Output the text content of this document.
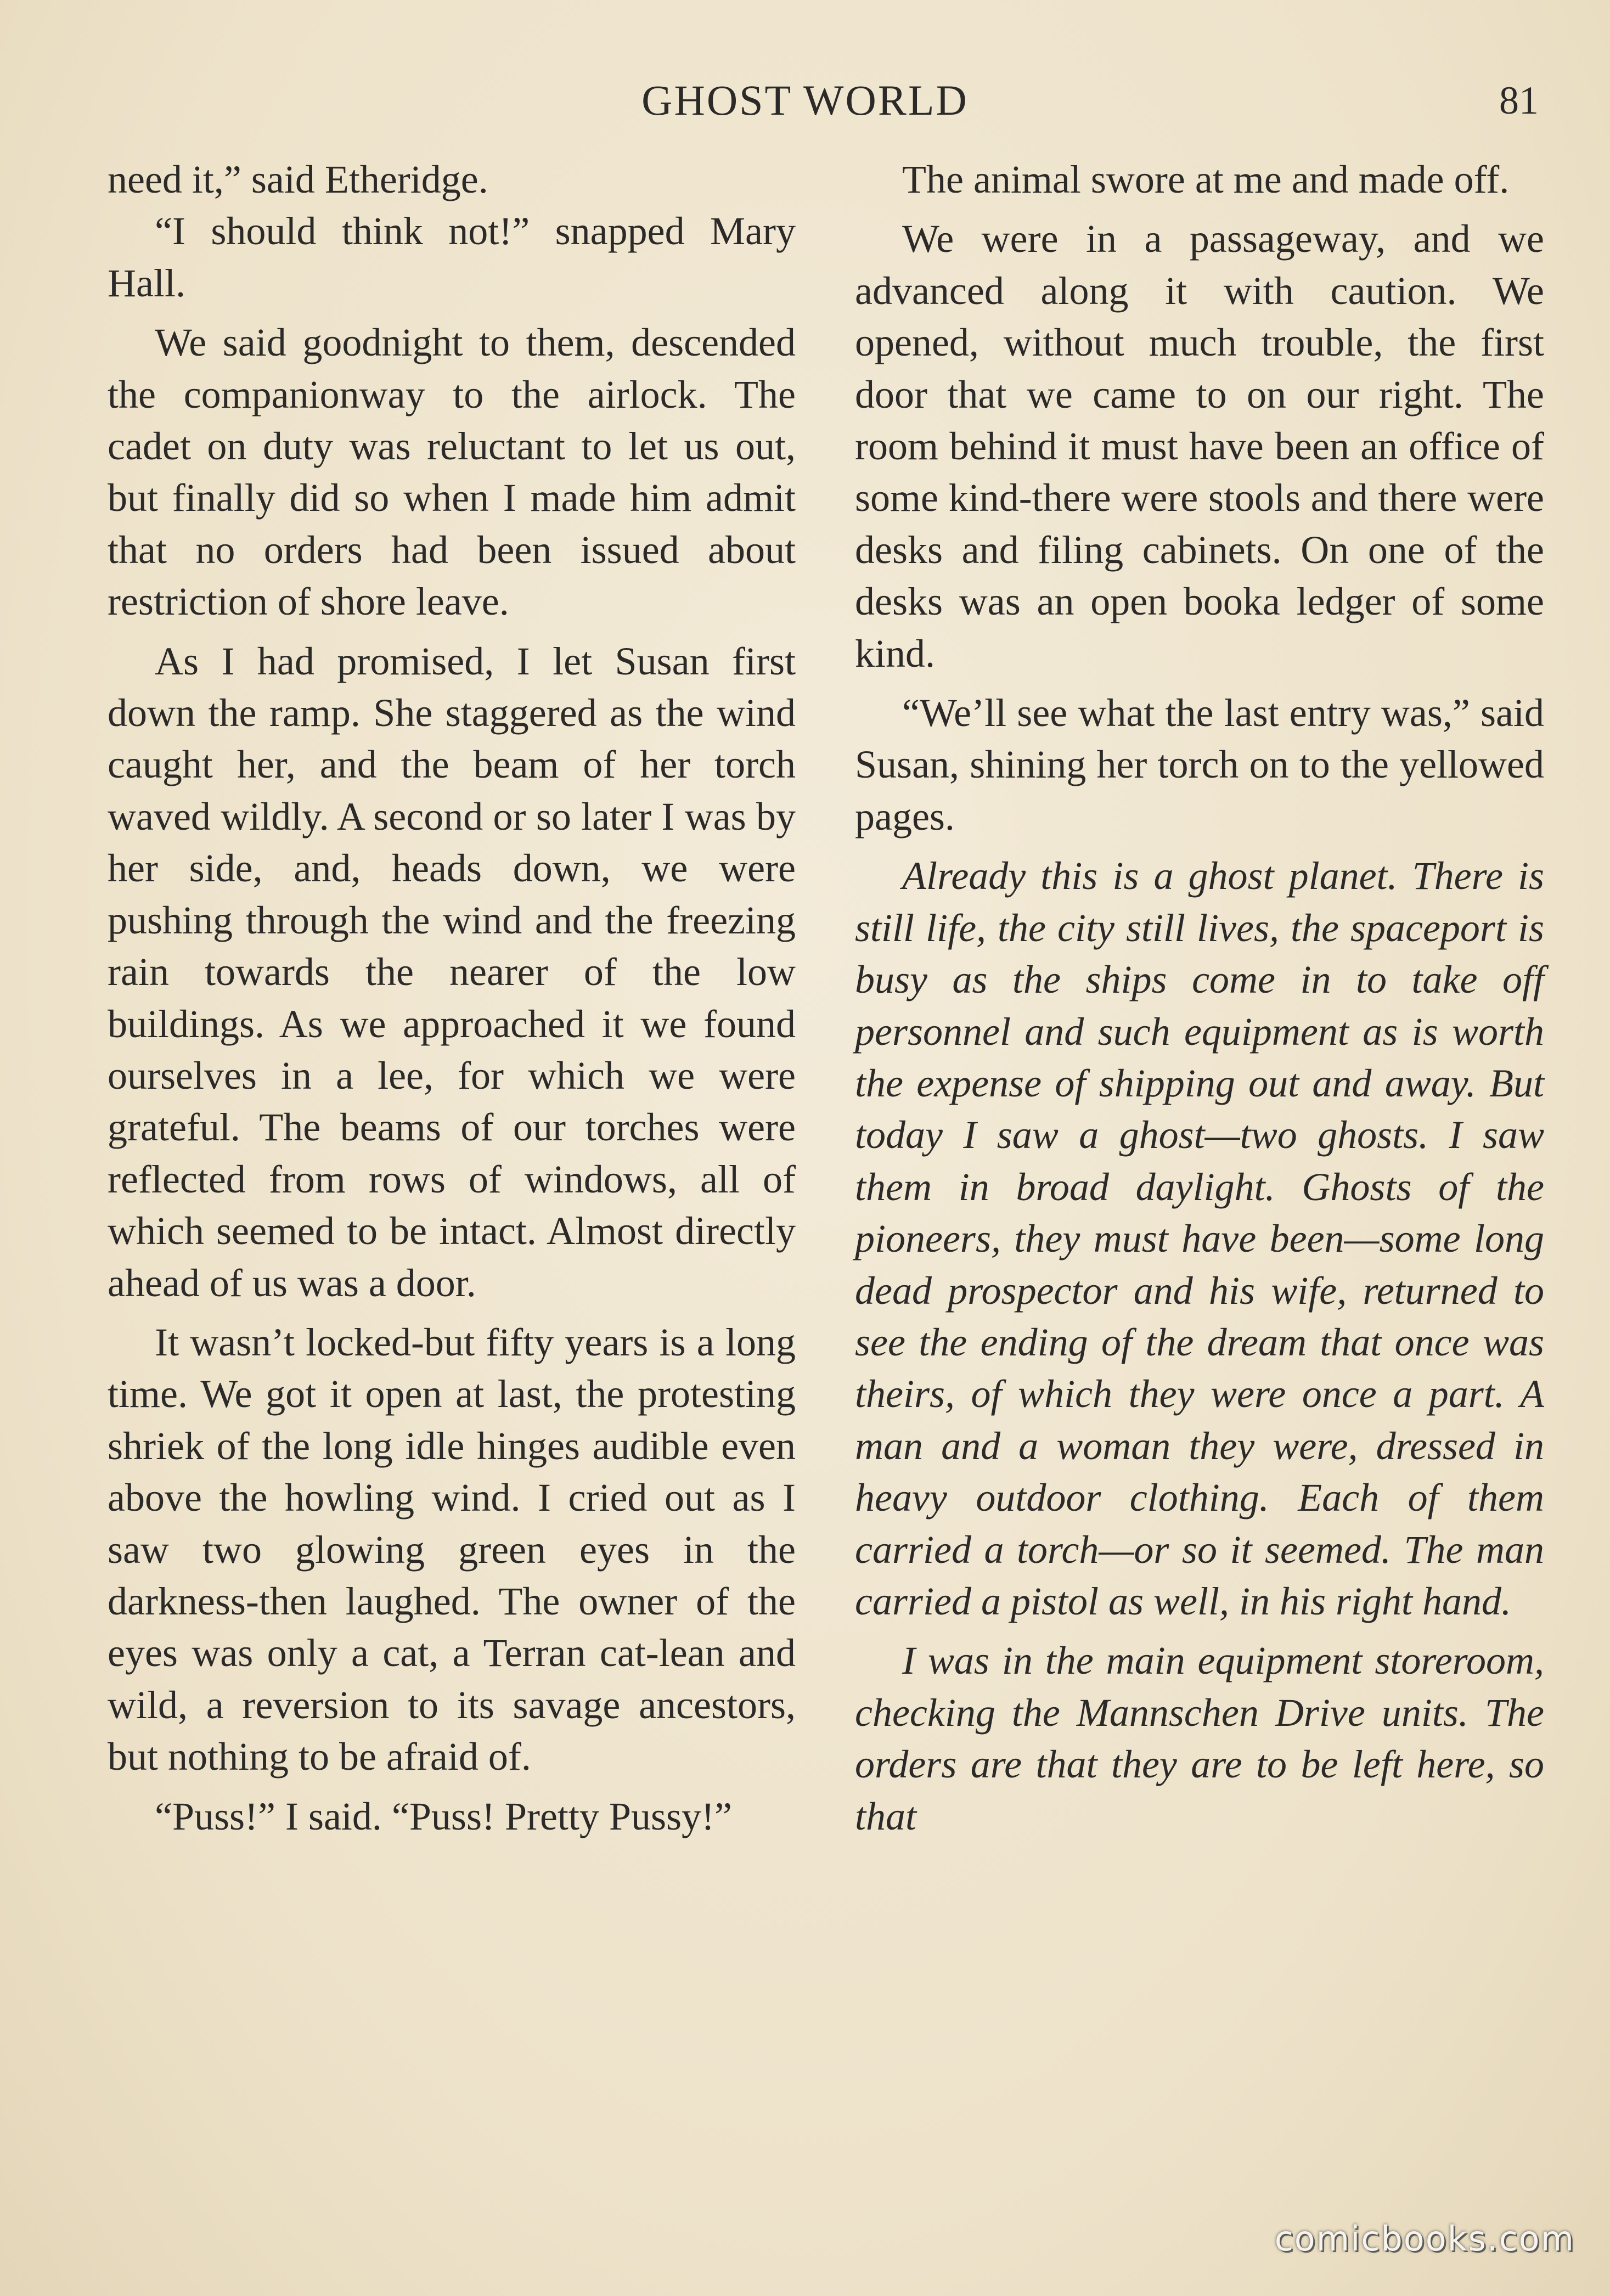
GHOST WORLD	81

need it,” said Etheridge.

“I should think not!” snapped Mary Hall.

We said goodnight to them, descended the companionway to the airlock. The cadet on duty was reluctant to let us out, but finally did so when I made him admit that no orders had been issued about restriction of shore leave.

As I had promised, I let Susan first down the ramp. She staggered as the wind caught her, and the beam of her torch waved wildly. A second or so later I was by her side, and, heads down, we were pushing through the wind and the freezing rain towards the nearer of the low buildings. As we approached it we found ourselves in a lee, for which we were grateful. The beams of our torches were reflected from rows of windows, all of which seemed to be intact. Almost directly ahead of us was a door.

It wasn’t locked-but fifty years is a long time. We got it open at last, the protesting shriek of the long idle hinges audible even above the howling wind. I cried out as I saw two glowing green eyes in the darkness-then laughed. The owner of the eyes was only a cat, a Terran cat-lean and wild, a reversion to its savage ancestors, but nothing to be afraid of.

“Puss!” I said. “Puss! Pretty Pussy!”

The animal swore at me and made off.

We were in a passageway, and we advanced along it with caution. We opened, without much trouble, the first door that we came to on our right. The room behind it must have been an office of some kind-there were stools and there were desks and filing cabinets. On one of the desks was an open booka ledger of some kind.

“We’ll see what the last entry was,” said Susan, shining her torch on to the yellowed pages.

Already this is a ghost planet. There is still life, the city still lives, the spaceport is busy as the ships come in to take off personnel and such equipment as is worth the expense of shipping out and away. But today I saw a ghost—two ghosts. I saw them in broad daylight. Ghosts of the pioneers, they must have been—some long dead prospector and his wife, returned to see the ending of the dream that once was theirs, of which they were once a part. A man and a woman they were, dressed in heavy outdoor clothing. Each of them carried a torch—or so it seemed. The man carried a pistol as well, in his right hand.

I was in the main equipment storeroom, checking the Mannschen Drive units. The orders are that they are to be left here, so that

comicbooks.com
